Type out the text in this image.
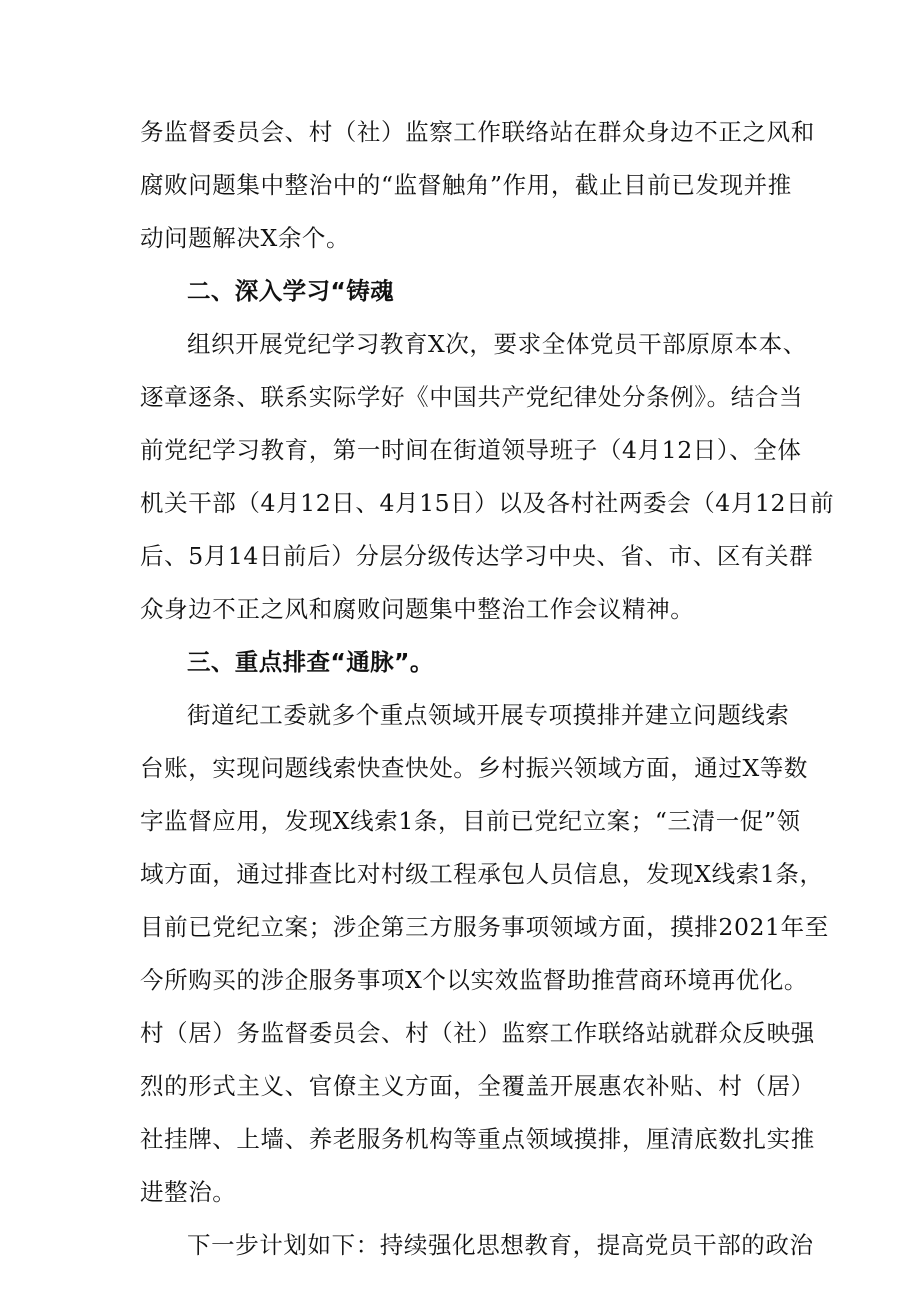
务监督委员会、村（社）监察工作联络站在群众身边不正之风和
腐败问题集中整治中的“监督触角”作用，截止目前已发现并推
动问题解决X余个。
二、深入学习“铸魂
组织开展党纪学习教育X次，要求全体党员干部原原本本、
逐章逐条、联系实际学好《中国共产党纪律处分条例》。结合当
前党纪学习教育，第一时间在街道领导班子（4月12日）、全体
机关干部（4月12日、4月15日）以及各村社两委会（4月12日前
后、5月14日前后）分层分级传达学习中央、省、市、区有关群
众身边不正之风和腐败问题集中整治工作会议精神。
三、重点排查“通脉”。
街道纪工委就多个重点领域开展专项摸排并建立问题线索
台账，实现问题线索快查快处。乡村振兴领域方面，通过X等数
字监督应用，发现X线索1条，目前已党纪立案；“三清一促”领
域方面，通过排查比对村级工程承包人员信息，发现X线索1条，
目前已党纪立案；涉企第三方服务事项领域方面，摸排2021年至
今所购买的涉企服务事项X个以实效监督助推营商环境再优化。
村（居）务监督委员会、村（社）监察工作联络站就群众反映强
烈的形式主义、官僚主义方面，全覆盖开展惠农补贴、村（居）
社挂牌、上墙、养老服务机构等重点领域摸排，厘清底数扎实推
进整治。
下一步计划如下：持续强化思想教育，提高党员干部的政治
